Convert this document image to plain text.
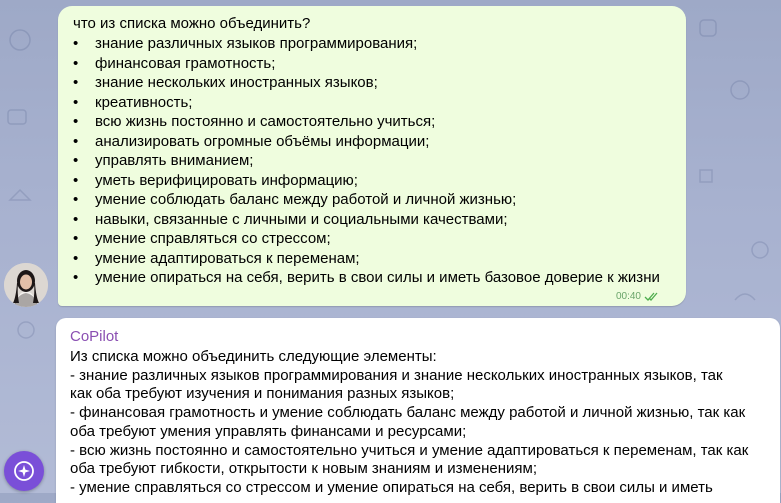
что из списка можно объединить?
• знание различных языков программирования;
• финансовая грамотность;
• знание нескольких иностранных языков;
• креативность;
• всю жизнь постоянно и самостоятельно учиться;
• анализировать огромные объёмы информации;
• управлять вниманием;
• уметь верифицировать информацию;
• умение соблюдать баланс между работой и личной жизнью;
• навыки, связанные с личными и социальными качествами;
• умение справляться со стрессом;
• умение адаптироваться к переменам;
• умение опираться на себя, верить в свои силы и иметь базовое доверие к жизни
00:40
CoPilot

Из списка можно объединить следующие элементы:

- знание различных языков программирования и знание нескольких иностранных языков, так

как оба требуют изучения и понимания разных языков;

- финансовая грамотность и умение соблюдать баланс между работой и личной жизнью, так как

оба требуют умения управлять финансами и ресурсами;

- всю жизнь постоянно и самостоятельно учиться и умение адаптироваться к переменам, так как

оба требуют гибкости, открытости к новым знаниям и изменениям;

- умение справляться со стрессом и умение опираться на себя, верить в свои силы и иметь
